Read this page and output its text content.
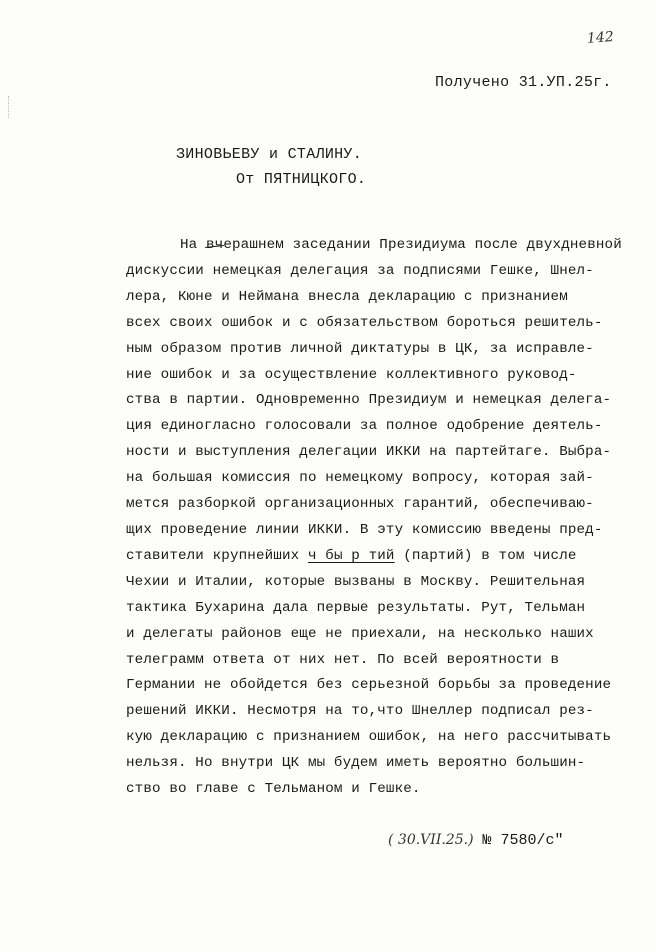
142
Получено 31.УП.25г.
ЗИНОВЬЕВУ и СТАЛИНУ.
От ПЯТНИЦКОГО.
На вчерашнем заседании Президиума после двухдневной
дискуссии немецкая делегация за подписями Гешке, Шнел-
лера, Кюне и Неймана внесла декларацию с признанием
всех своих ошибок и с обязательством бороться решитель-
ным образом против личной диктатуры в ЦК, за исправле-
ние ошибок и за осуществление коллективного руковод-
ства в партии. Одновременно Президиум и немецкая делега-
ция единогласно голосовали за полное одобрение деятель-
ности и выступления делегации ИККИ на партейтаге. Выбра-
на большая комиссия по немецкому вопросу, которая зай-
мется разборкой организационных гарантий, обеспечиваю-
щих проведение линии ИККИ. В эту комиссию введены пред-
ставители крупнейших ч бы р тий (партий) в том числе
Чехии и Италии, которые вызваны в Москву. Решительная
тактика Бухарина дала первые результаты. Рут, Тельман
и делегаты районов еще не приехали, на несколько наших
телеграмм ответа от них нет. По всей вероятности в
Германии не обойдется без серьезной борьбы за проведение
решений ИККИ. Несмотря на то,что Шнеллер подписал рез-
кую декларацию с признанием ошибок, на него рассчитывать
нельзя. Но внутри ЦК мы будем иметь вероятно большин-
ство во главе с Тельманом и Гешке.
( 30.VII.25.) № 7580/с"
